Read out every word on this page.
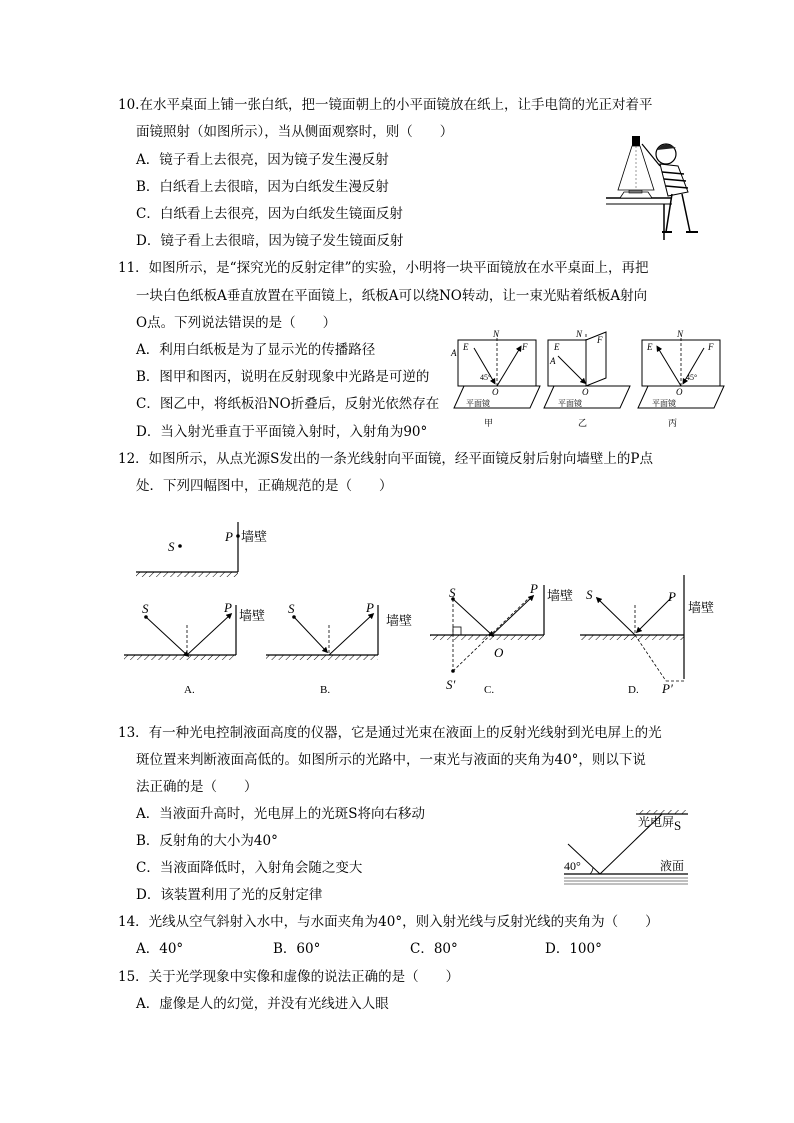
10.在水平桌面上铺一张白纸，把一镜面朝上的小平面镜放在纸上，让手电筒的光正对着平
面镜照射（如图所示），当从侧面观察时，则（　　）
A．镜子看上去很亮，因为镜子发生漫反射
B．白纸看上去很暗，因为白纸发生漫反射
C．白纸看上去很亮，因为白纸发生镜面反射
D．镜子看上去很暗，因为镜子发生镜面反射
11．如图所示，是“探究光的反射定律”的实验，小明将一块平面镜放在水平桌面上，再把
一块白色纸板A垂直放置在平面镜上，纸板A可以绕NO转动，让一束光贴着纸板A射向
O点。下列说法错误的是（　　）
A．利用白纸板是为了显示光的传播路径
B．图甲和图丙，说明在反射现象中光路是可逆的
C．图乙中，将纸板沿NO折叠后，反射光依然存在
D．当入射光垂直于平面镜入射时，入射角为90°
45°
A
E	F
N
O
平面镜
甲
A
E
F
N
O
平面镜
乙
45°
E	F
N
O
平面镜
丙
12．如图所示，从点光源S发出的一条光线射向平面镜，经平面镜反射后射向墙壁上的P点
处．下列四幅图中，正确规范的是（　　）
S
P 墙壁
S	P
墙壁
A.
S	P
墙壁
B.
S	P 墙壁
O
S′	C.
S	P
墙壁
P′
D.
13．有一种光电控制液面高度的仪器，它是通过光束在液面上的反射光线射到光电屏上的光
斑位置来判断液面高低的。如图所示的光路中，一束光与液面的夹角为40°，则以下说
法正确的是（　　）
A．当液面升高时，光电屏上的光斑S将向右移动
B．反射角的大小为40°
C．当液面降低时，入射角会随之变大
D．该装置利用了光的反射定律
光电屏 S
40°	液面
14．光线从空气斜射入水中，与水面夹角为40°，则入射光线与反射光线的夹角为（　　）
A．40°	B．60°	C．80°	D．100°
15．关于光学现象中实像和虚像的说法正确的是（　　）
A．虚像是人的幻觉，并没有光线进入人眼
